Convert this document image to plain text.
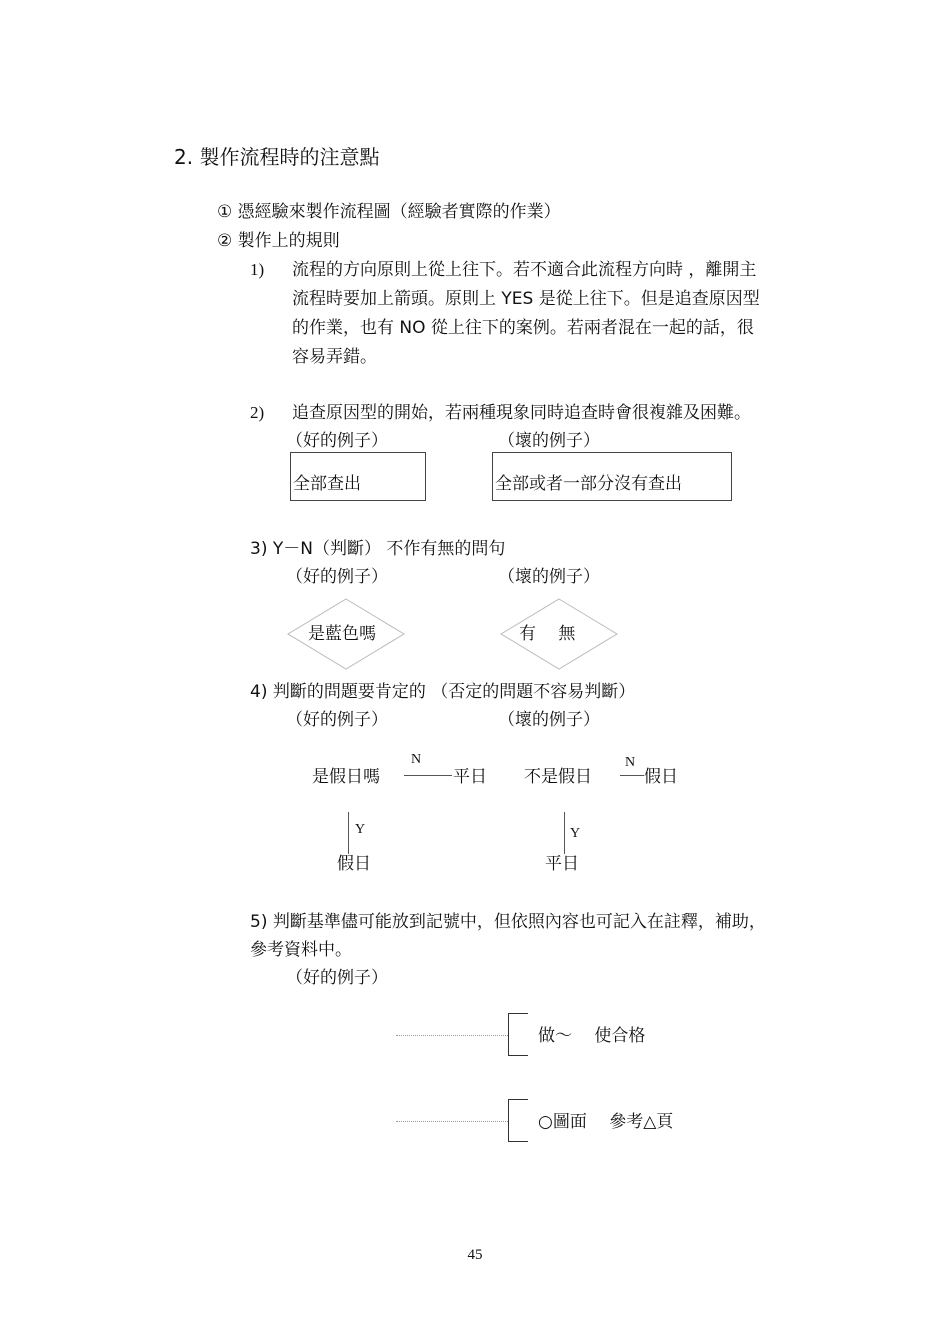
2. 製作流程時的注意點
① 憑經驗來製作流程圖（經驗者實際的作業）
② 製作上的規則
1) 流程的方向原則上從上往下。若不適合此流程方向時 ，離開主
流程時要加上箭頭。原則上 YES 是從上往下。但是追查原因型
的作業，也有 NO 從上往下的案例。若兩者混在一起的話，很
容易弄錯。
2) 追查原因型的開始，若兩種現象同時追查時會很複雜及困難。
（好的例子）	（壞的例子）
全部查出	全部或者一部分沒有查出
3) Y－N（判斷） 不作有無的問句
（好的例子）	（壞的例子）
是藍色嗎	有　 無
4) 判斷的問題要肯定的 （否定的問題不容易判斷）
（好的例子）	（壞的例子）
是假日嗎
N
平日
Y
假日
不是假日
N
假日
Y
平日
5) 判斷基準儘可能放到記號中，但依照內容也可記入在註釋，補助，
參考資料中。
（好的例子）
做～　 使合格
○圖面　 參考△頁
45
